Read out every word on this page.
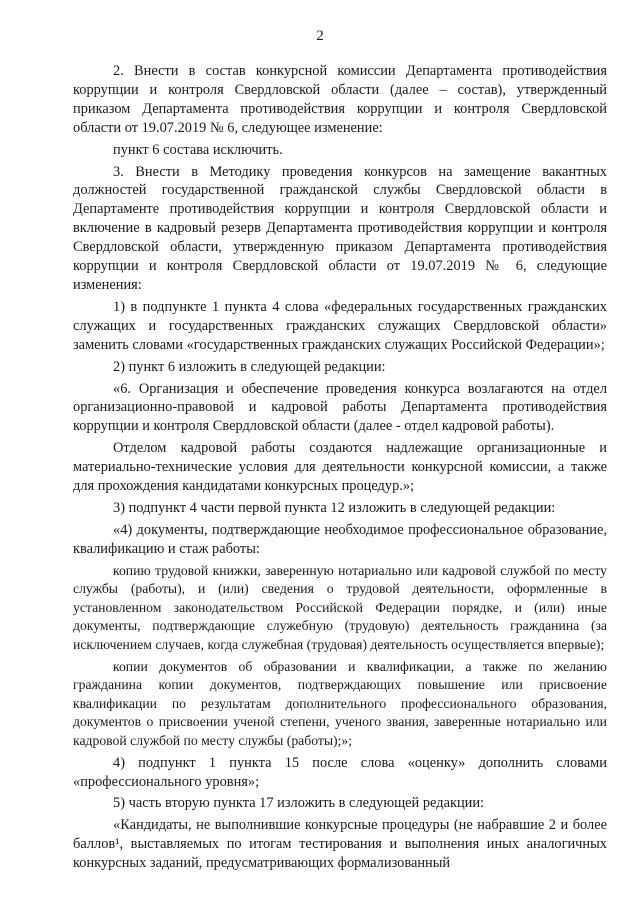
2

2. Внести в состав конкурсной комиссии Департамента противодействия коррупции и контроля Свердловской области (далее – состав), утвержденный приказом Департамента противодействия коррупции и контроля Свердловской области от 19.07.2019 № 6, следующее изменение:

пункт 6 состава исключить.

3. Внести в Методику проведения конкурсов на замещение вакантных должностей государственной гражданской службы Свердловской области в Департаменте противодействия коррупции и контроля Свердловской области и включение в кадровый резерв Департамента противодействия коррупции и контроля Свердловской области, утвержденную приказом Департамента противодействия коррупции и контроля Свердловской области от 19.07.2019 № 6, следующие изменения:

1) в подпункте 1 пункта 4 слова «федеральных государственных гражданских служащих и государственных гражданских служащих Свердловской области» заменить словами «государственных гражданских служащих Российской Федерации»;

2) пункт 6 изложить в следующей редакции:

«6. Организация и обеспечение проведения конкурса возлагаются на отдел организационно-правовой и кадровой работы Департамента противодействия коррупции и контроля Свердловской области (далее - отдел кадровой работы).

Отделом кадровой работы создаются надлежащие организационные и материально-технические условия для деятельности конкурсной комиссии, а также для прохождения кандидатами конкурсных процедур.»;

3) подпункт 4 части первой пункта 12 изложить в следующей редакции:

«4) документы, подтверждающие необходимое профессиональное образование, квалификацию и стаж работы:

копию трудовой книжки, заверенную нотариально или кадровой службой по месту службы (работы), и (или) сведения о трудовой деятельности, оформленные в установленном законодательством Российской Федерации порядке, и (или) иные документы, подтверждающие служебную (трудовую) деятельность гражданина (за исключением случаев, когда служебная (трудовая) деятельность осуществляется впервые);

копии документов об образовании и квалификации, а также по желанию гражданина копии документов, подтверждающих повышение или присвоение квалификации по результатам дополнительного профессионального образования, документов о присвоении ученой степени, ученого звания, заверенные нотариально или кадровой службой по месту службы (работы);»;

4) подпункт 1 пункта 15 после слова «оценку» дополнить словами «профессионального уровня»;

5) часть вторую пункта 17 изложить в следующей редакции:

«Кандидаты, не выполнившие конкурсные процедуры (не набравшие 2 и более баллов¹, выставляемых по итогам тестирования и выполнения иных аналогичных конкурсных заданий, предусматривающих формализованный
